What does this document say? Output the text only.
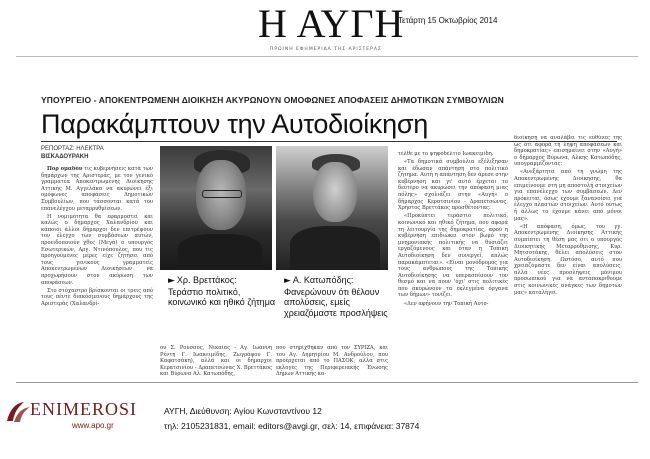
Η ΑΥΓΗ
ΠΡΩΙΝΗ ΕΦΗΜΕΡΙΔΑ ΤΗΣ ΑΡΙΣΤΕΡΑΣ
Τετάρτη 15 Οκτωβρίος 2014
ΥΠΟΥΡΓΕΙΟ - ΑΠΟΚΕΝΤΡΩΜΕΝΗ ΔΙΟΙΚΗΣΗ ΑΚΥΡΩΝΟΥΝ ΟΜΟΦΩΝΕΣ ΑΠΟΦΑΣΕΙΣ ΔΗΜΟΤΙΚΩΝ ΣΥΜΒΟΥΛΙΩΝ
Παρακάμπτουν την Αυτοδιοίκηση
ΡΕΠΟΡΤΑΖ: ΗΛΕΚΤΡΑ
ΒΙΣΚΑΔΟΥΡΑΚΗ

Πορ ομαδόν τις κυβερνήσεις κατά των δημάρχων της Αριστεράς, με τον γενικό γραμματέα Αποκεντρωμένης Διοίκησης Αττικής Μ. Αγγελάκα να ακυρώνει έξι ομόφωνες αποφάσεις Δημοτικών Συμβουλίων, που τάσσονται κατά του επανελέγχου μεταρρυθμίσεων.

Η νομιμότητα θα εφαρμοστεί και καλώς ο δήμαρχος Χαλανδρίου και κάποιοι άλλοι δήμαρχοι δεν επιτρέψουν τον έλεγχο των συμβάσεων αυτών, προειδοποιούν χθες (Μεγά) ο υπουργός Εσωτερικών, Αργ. Ντινόπουλος, που τις προηγούμενες μέρες είχε ζητήσει από τους γενικούς γραμματείς Αποκεντρωμένων Διοικήσεων να προχωρήσουν στον ακύρωση των αποφάσεων.

Στο στόχαστρο βρίσκονται οι τρεις από τους πέντε διακόσμενους δημάρχους της Αριστεράς (Χαλανδρί-

► Χρ. Βρεττάκος:
Τεράστιο πολιτικό, κοινωνικό και ηθικό ζήτημα
► Α. Κατωπόδης:
Φανερώνουν ότι θέλουν απολύσεις, εμείς χρειαζόμαστε προσλήψεις

ου Σ. Ρούσσος, Νικαίας - Αγ. Ιωάννη Ρέντη Γ. Ιωακειμίδης, Ζωγράφου Γ. Καφατσάκη), αλλά και οι δήμαρχοι Κερατσινίου - Δραπετσώνας Χ. Βρεττάκος και Βύρωνα Αλ. Κατωπόδης,

που στηρίχθηκαν από τον ΣΥΡΙΖΑ, και του Αγ. Δημητρίου Μ. Ανδρούλου, που προέρχεται από το ΠΑΣΟΚ, αλλά στις εκλογές της Περιφερειακής Ένωσης Δήμων Αττικής κα-

τέλθε με το ψηφοδέλτιο Ιωακειμίδη.

«Τα δημοτικά συμβούλια εξέλιξησαν και έδωσαν απάντηση στο πολιτικό ζήτημα. Αυτή η απάντηση δεν άρεσε στην κυβέρνηση και γι' αυτό έρχεται το δεύτερο να ακυρώσει την απόφαση μιας πόλης» σχολιάζει στην «Αυγή» ο δήμαρχος Κερατσινίου - Δραπετσώνας, Χρήστος Βρεττάκος προσθέτοντας:

«Προκύπτει τεράστιο πολιτικό, κοινωνικό και ηθικό ζήτημα, που αφορά τη λειτουργία της δημοκρατίας, αφού η κυβέρνηση επιδιώκει στον βωμό της μνημονιακής πολιτικής να θυσιάζει εργαζόμενους και όταν η Τοπική Αυτοδιοίκηση δεν συνεργεί, απλώς παρακάμπτεται». «Είναι μονόδρομος για τους ανθρώπους της Τοπικής Αυτοδιοίκησης να υπερασπίσουν τον θεσμό και να πουν 'όχι' στις πολιτικές που ακυρώνουν τα εκλεγμένα όργανα των δήμων» τονίζει.

«Δεν αφήνουν την Τοπική Αυτο-

διοίκηση να αναλάβει τις ευθύνες της ως ότι αφορά τη λήψη αποφάσεων και δημοκρατίας» επισημαίνει στην «Αυγή» ο δήμαρχος Βύρωνα, Αλκης Κατωπόδης, υπογραμμίζοντας:

«Ανεξάρτητα από τη γνώμη της Αποκεντρωμένης Διοίκησης, θα επιμείνουμε στη μη αποστολή στοιχείων για επανέλεγχο των συμβάσεων. Δεν πρόκειται, όσως έχουμε ξανανοίσει για έλεγχο πλαστών στοιχείων. Αυτό ούτως ή άλλως το έχουμε κάνει από μόνοι μας».

«Η απόφαση, όμως, του γγ. Αποκεντρωμένης Διοίκησης Αττικής συμπίπτει τη θέση μας ότι ο υπουργός Διοικητικής Μεταρρύθμισης, Κυρ. Μητσοτάκης, θέλει απολύσεις στον Αυτοδιοίκηση. Ωστόσο, αυτό που χρειαζόμαστε δεν είναι απολύσεις, αλλά νέες προσλήψεις μόνιμου προσωπικού για να ανταποκριθούμε στις κοινωνικές ανάγκες των δημοτών μας» καταλήγει.

ENIMEROSI
www.apo.gr
ΑΥΓΗ, Διεύθυνση: Αγίου Κωνσταντίνου 12
τηλ: 2105231831, email: editors@avgi.gr, σελ: 14, επιφάνεια: 37874
